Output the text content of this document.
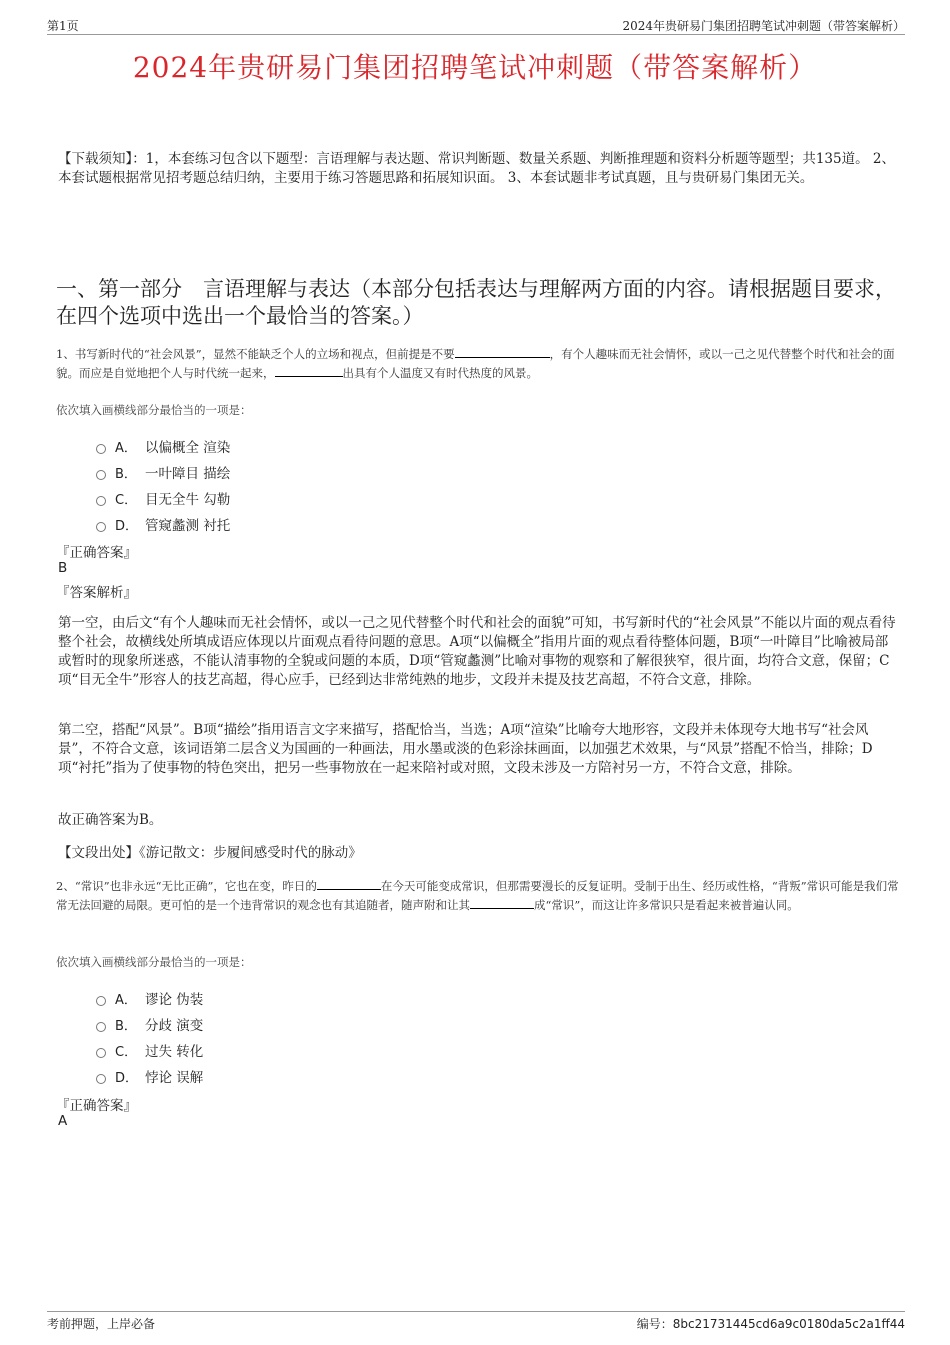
第1页	2024年贵研易门集团招聘笔试冲刺题（带答案解析）
2024年贵研易门集团招聘笔试冲刺题（带答案解析）
【下载须知】：1，本套练习包含以下题型：言语理解与表达题、常识判断题、数量关系题、判断推理题和资料分析题等题型；共135道。 2、本套试题根据常见招考题总结归纳，主要用于练习答题思路和拓展知识面。 3、本套试题非考试真题，且与贵研易门集团无关。
一、第一部分　言语理解与表达（本部分包括表达与理解两方面的内容。请根据题目要求，在四个选项中选出一个最恰当的答案。）
1、书写新时代的“社会风景”，显然不能缺乏个人的立场和视点，但前提是不要	，有个人趣味而无社会情怀，或以一己之见代替整个时代和社会的面貌。而应是自觉地把个人与时代统一起来，	出具有个人温度又有时代热度的风景。
依次填入画横线部分最恰当的一项是：
A． 以偏概全 渲染
B． 一叶障目 描绘
C． 目无全牛 勾勒
D． 管窥蠡测 衬托
『正确答案』
B
『答案解析』
第一空，由后文“有个人趣味而无社会情怀，或以一己之见代替整个时代和社会的面貌”可知，书写新时代的“社会风景”不能以片面的观点看待整个社会，故横线处所填成语应体现以片面观点看待问题的意思。A项“以偏概全”指用片面的观点看待整体问题，B项“一叶障目”比喻被局部或暂时的现象所迷惑，不能认清事物的全貌或问题的本质，D项“管窥蠡测”比喻对事物的观察和了解很狭窄，很片面，均符合文意，保留；C项“目无全牛”形容人的技艺高超，得心应手，已经到达非常纯熟的地步，文段并未提及技艺高超，不符合文意，排除。
第二空，搭配“风景”。B项“描绘”指用语言文字来描写，搭配恰当，当选；A项“渲染”比喻夸大地形容，文段并未体现夸大地书写“社会风景”，不符合文意，该词语第二层含义为国画的一种画法，用水墨或淡的色彩涂抹画面，以加强艺术效果，与“风景”搭配不恰当，排除；D项“衬托”指为了使事物的特色突出，把另一些事物放在一起来陪衬或对照，文段未涉及一方陪衬另一方，不符合文意，排除。
故正确答案为B。
【文段出处】《游记散文：步履间感受时代的脉动》
2、“常识”也非永远“无比正确”，它也在变，昨日的	在今天可能变成常识，但那需要漫长的反复证明。受制于出生、经历或性格，“背叛”常识可能是我们常常无法回避的局限。更可怕的是一个违背常识的观念也有其追随者，随声附和让其	成“常识”，而这让许多常识只是看起来被普遍认同。
依次填入画横线部分最恰当的一项是：
A． 谬论 伪装
B． 分歧 演变
C． 过失 转化
D． 悖论 误解
『正确答案』
A
考前押题，上岸必备	编号：8bc21731445cd6a9c0180da5c2a1ff44
